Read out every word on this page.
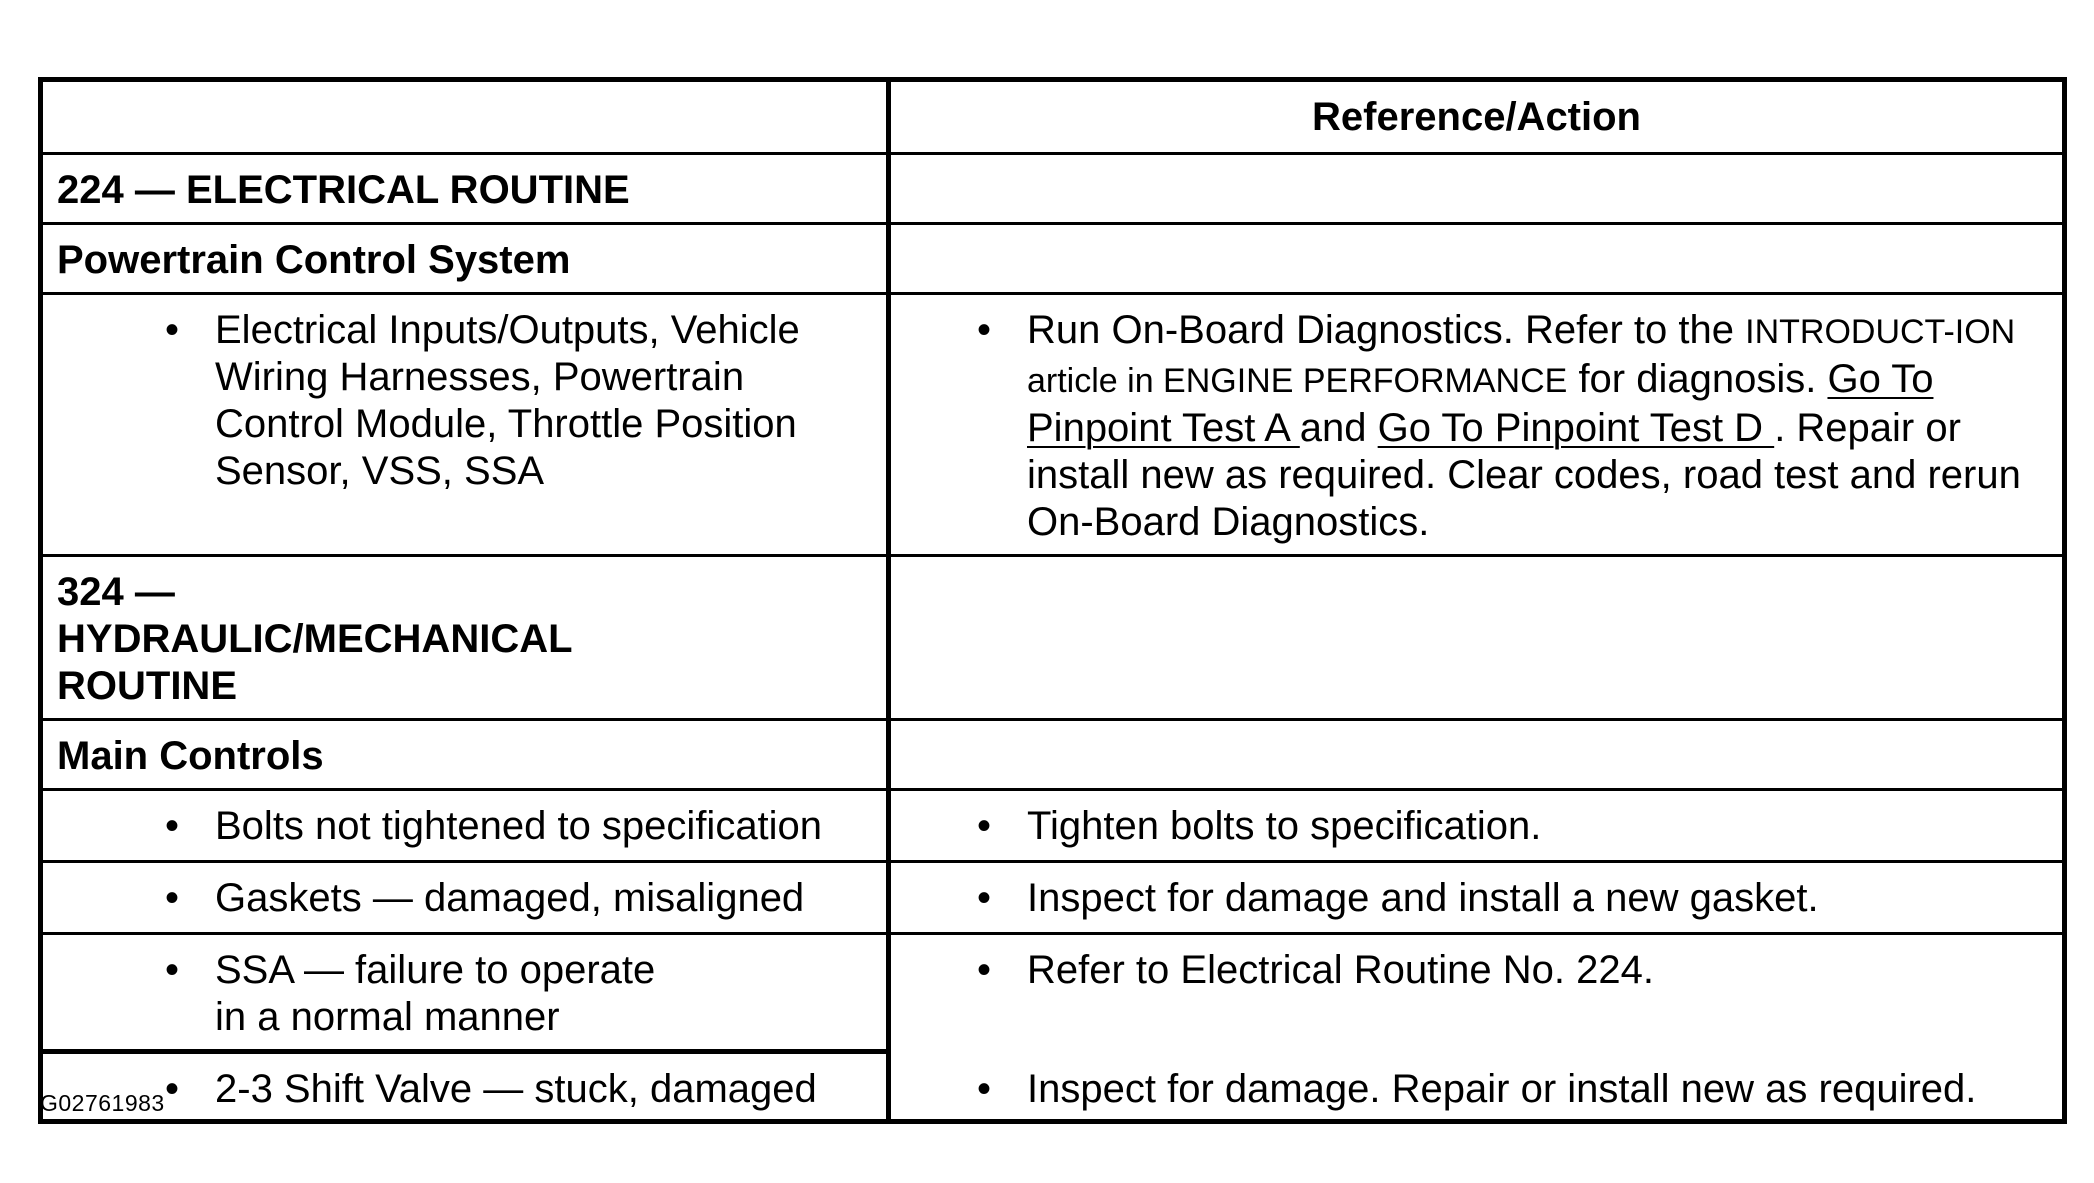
	Reference/Action
224 — ELECTRICAL ROUTINE	
Powertrain Control System	

• Electrical Inputs/Outputs, Vehicle Wiring Harnesses, Powertrain Control Module, Throttle Position Sensor, VSS, SSA	• Run On-Board Diagnostics. Refer to the INTRODUCT-ION article in ENGINE PERFORMANCE for diagnosis. Go To Pinpoint Test A and Go To Pinpoint Test D . Repair or install new as required. Clear codes, road test and rerun On-Board Diagnostics.
324 — HYDRAULIC/MECHANICAL ROUTINE	
Main Controls	

• Bolts not tightened to specification	• Tighten bolts to specification.

• Gaskets — damaged, misaligned	• Inspect for damage and install a new gasket.

• SSA — failure to operate in a normal manner	• Refer to Electrical Routine No. 224.

• 2-3 Shift Valve — stuck, damaged	• Inspect for damage. Repair or install new as required.
G02761983
